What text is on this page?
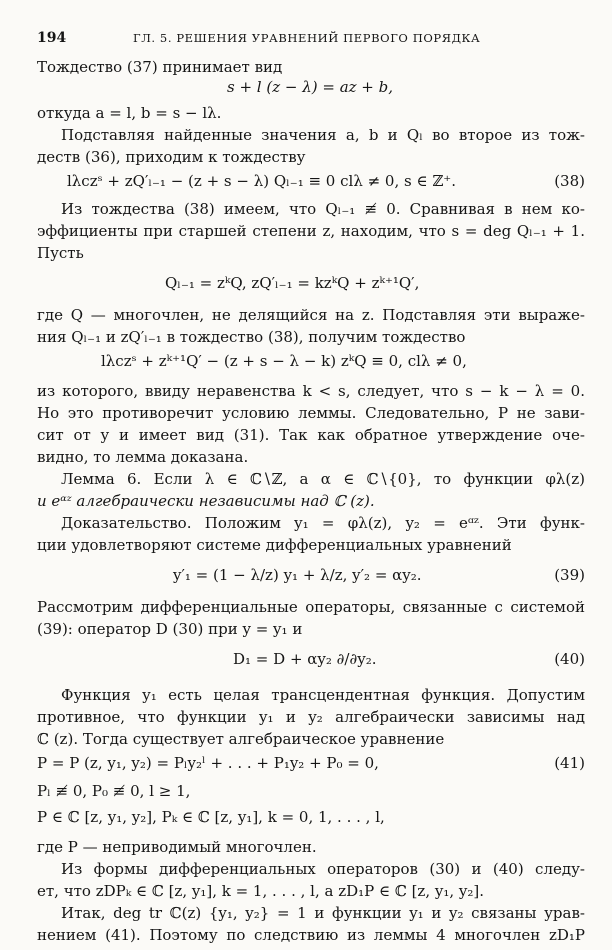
194	ГЛ. 5. РЕШЕНИЯ УРАВНЕНИЙ ПЕРВОГО ПОРЯДКА
Тождество (37) принимает вид
s + l (z − λ) = az + b,
откуда a = l, b = s − lλ.
Подставляя найденные значения a, b и Qₗ во второе из тож-
деств (36), приходим к тождеству
lλczˢ + zQ′ₗ₋₁ − (z + s − λ) Qₗ₋₁ ≡ 0 clλ ≠ 0, s ∈ ℤ⁺.	(38)
Из тождества (38) имеем, что Qₗ₋₁ ≢ 0. Сравнивая в нем ко-
эффициенты при старшей степени z, находим, что s = deg Qₗ₋₁ + 1.
Пусть
Qₗ₋₁ = zᵏQ, zQ′ₗ₋₁ = kzᵏQ + zᵏ⁺¹Q′,
где Q — многочлен, не делящийся на z. Подставляя эти выраже-
ния Qₗ₋₁ и zQ′ₗ₋₁ в тождество (38), получим тождество
lλczˢ + zᵏ⁺¹Q′ − (z + s − λ − k) zᵏQ ≡ 0, clλ ≠ 0,
из которого, ввиду неравенства k < s, следует, что s − k − λ = 0.
Но это противоречит условию леммы. Следовательно, P не зави-
сит от y и имеет вид (31). Так как обратное утверждение оче-
видно, то лемма доказана.
Лемма 6. Если λ ∈ ℂ∖ℤ, а α ∈ ℂ∖{0}, то функции φλ(z)
и eᵅᶻ алгебраически независимы над ℂ (z).
Доказательство. Положим y₁ = φλ(z), y₂ = eᵅᶻ. Эти функ-
ции удовлетворяют системе дифференциальных уравнений
y′₁ = (1 − λ/z) y₁ + λ/z, y′₂ = αy₂.	(39)
Рассмотрим дифференциальные операторы, связанные с системой
(39): оператор D (30) при y = y₁ и
D₁ = D + αy₂ ∂/∂y₂.	(40)
Функция y₁ есть целая трансцендентная функция. Допустим
противное, что функции y₁ и y₂ алгебраически зависимы над
ℂ (z). Тогда существует алгебраическое уравнение
P = P (z, y₁, y₂) = Pₗy₂ˡ + . . . + P₁y₂ + P₀ = 0,	(41)
Pₗ ≢ 0, P₀ ≢ 0, l ≥ 1,
P ∈ ℂ [z, y₁, y₂], Pₖ ∈ ℂ [z, y₁], k = 0, 1, . . . , l,
где P — неприводимый многочлен.
Из формы дифференциальных операторов (30) и (40) следу-
ет, что zDPₖ ∈ ℂ [z, y₁], k = 1, . . . , l, а zD₁P ∈ ℂ [z, y₁, y₂].
Итак, deg tr ℂ(z) {y₁, y₂} = 1 и функции y₁ и y₂ связаны урав-
нением (41). Поэтому по следствию из леммы 4 многочлен zD₁P
